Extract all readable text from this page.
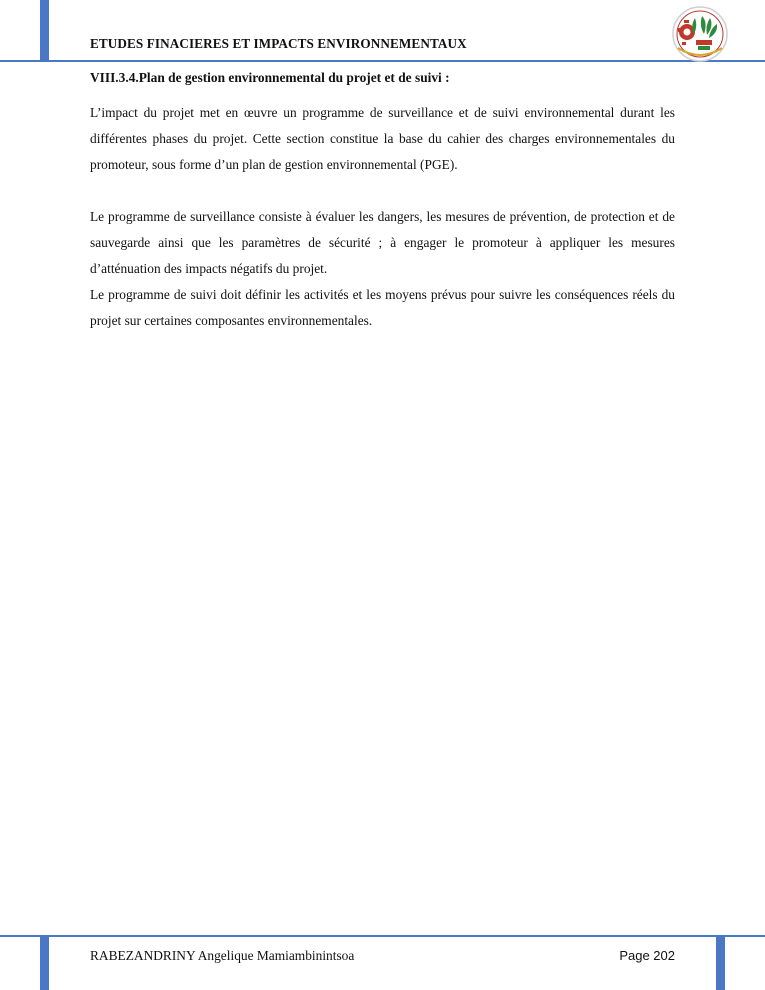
ETUDES FINACIERES ET IMPACTS ENVIRONNEMENTAUX
VIII.3.4.Plan de gestion environnemental du projet et de suivi :

L’impact du projet met en œuvre un programme de surveillance et de suivi environnemental durant les différentes phases du projet. Cette section constitue la base du cahier des charges environnementales du promoteur, sous forme d’un plan de gestion environnemental (PGE).

Le programme de surveillance consiste à évaluer les dangers, les mesures de prévention, de protection et de sauvegarde ainsi que les paramètres de sécurité ; à engager le promoteur à appliquer les mesures d’atténuation des impacts négatifs du projet.

Le programme de suivi doit définir les activités et les moyens prévus pour suivre les conséquences réels du projet sur certaines composantes environnementales.

RABEZANDRINY Angelique Mamiambinintsoa	Page 202
